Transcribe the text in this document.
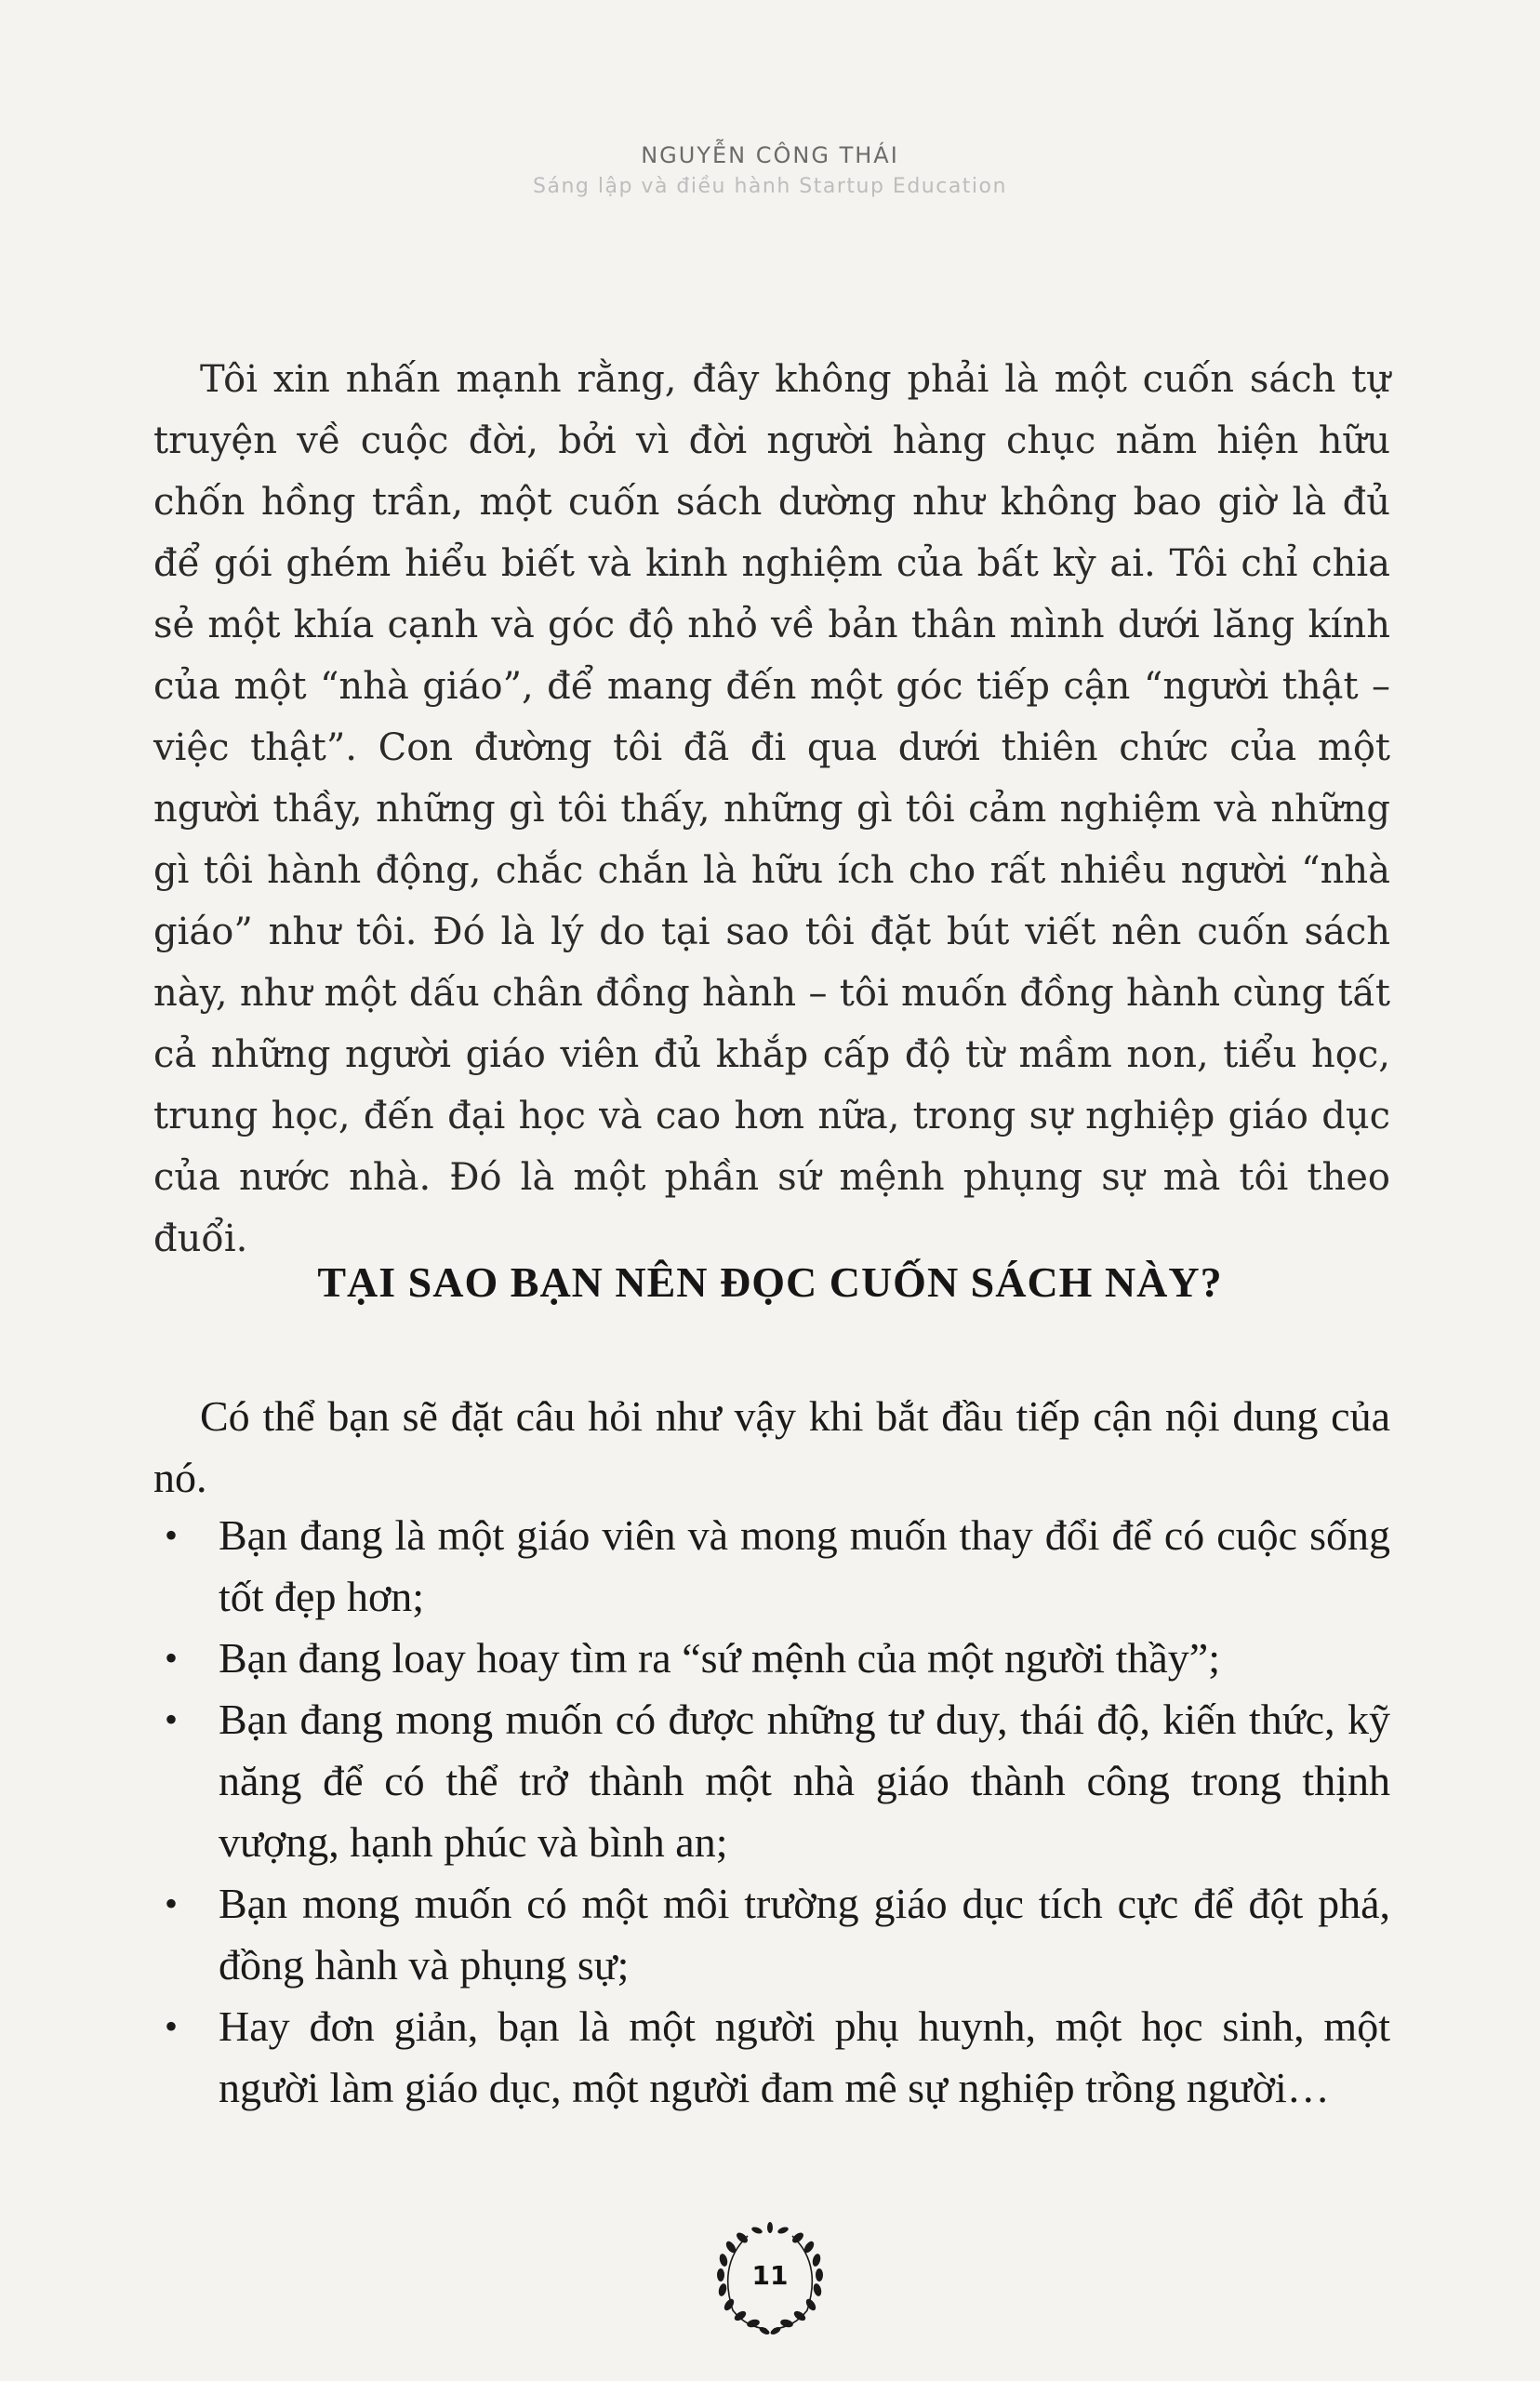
NGUYỄN CÔNG THÁI
Sáng lập và điều hành Startup Education

Tôi xin nhấn mạnh rằng, đây không phải là một cuốn sách tự truyện về cuộc đời, bởi vì đời người hàng chục năm hiện hữu chốn hồng trần, một cuốn sách dường như không bao giờ là đủ để gói ghém hiểu biết và kinh nghiệm của bất kỳ ai. Tôi chỉ chia sẻ một khía cạnh và góc độ nhỏ về bản thân mình dưới lăng kính của một “nhà giáo”, để mang đến một góc tiếp cận “người thật – việc thật”. Con đường tôi đã đi qua dưới thiên chức của một người thầy, những gì tôi thấy, những gì tôi cảm nghiệm và những gì tôi hành động, chắc chắn là hữu ích cho rất nhiều người “nhà giáo” như tôi. Đó là lý do tại sao tôi đặt bút viết nên cuốn sách này, như một dấu chân đồng hành – tôi muốn đồng hành cùng tất cả những người giáo viên đủ khắp cấp độ từ mầm non, tiểu học, trung học, đến đại học và cao hơn nữa, trong sự nghiệp giáo dục của nước nhà. Đó là một phần sứ mệnh phụng sự mà tôi theo đuổi.

TẠI SAO BẠN NÊN ĐỌC CUỐN SÁCH NÀY?

Có thể bạn sẽ đặt câu hỏi như vậy khi bắt đầu tiếp cận nội dung của nó.

• Bạn đang là một giáo viên và mong muốn thay đổi để có cuộc sống tốt đẹp hơn;
• Bạn đang loay hoay tìm ra “sứ mệnh của một người thầy”;
• Bạn đang mong muốn có được những tư duy, thái độ, kiến thức, kỹ năng để có thể trở thành một nhà giáo thành công trong thịnh vượng, hạnh phúc và bình an;
• Bạn mong muốn có một môi trường giáo dục tích cực để đột phá, đồng hành và phụng sự;
• Hay đơn giản, bạn là một người phụ huynh, một học sinh, một người làm giáo dục, một người đam mê sự nghiệp trồng người…
11
